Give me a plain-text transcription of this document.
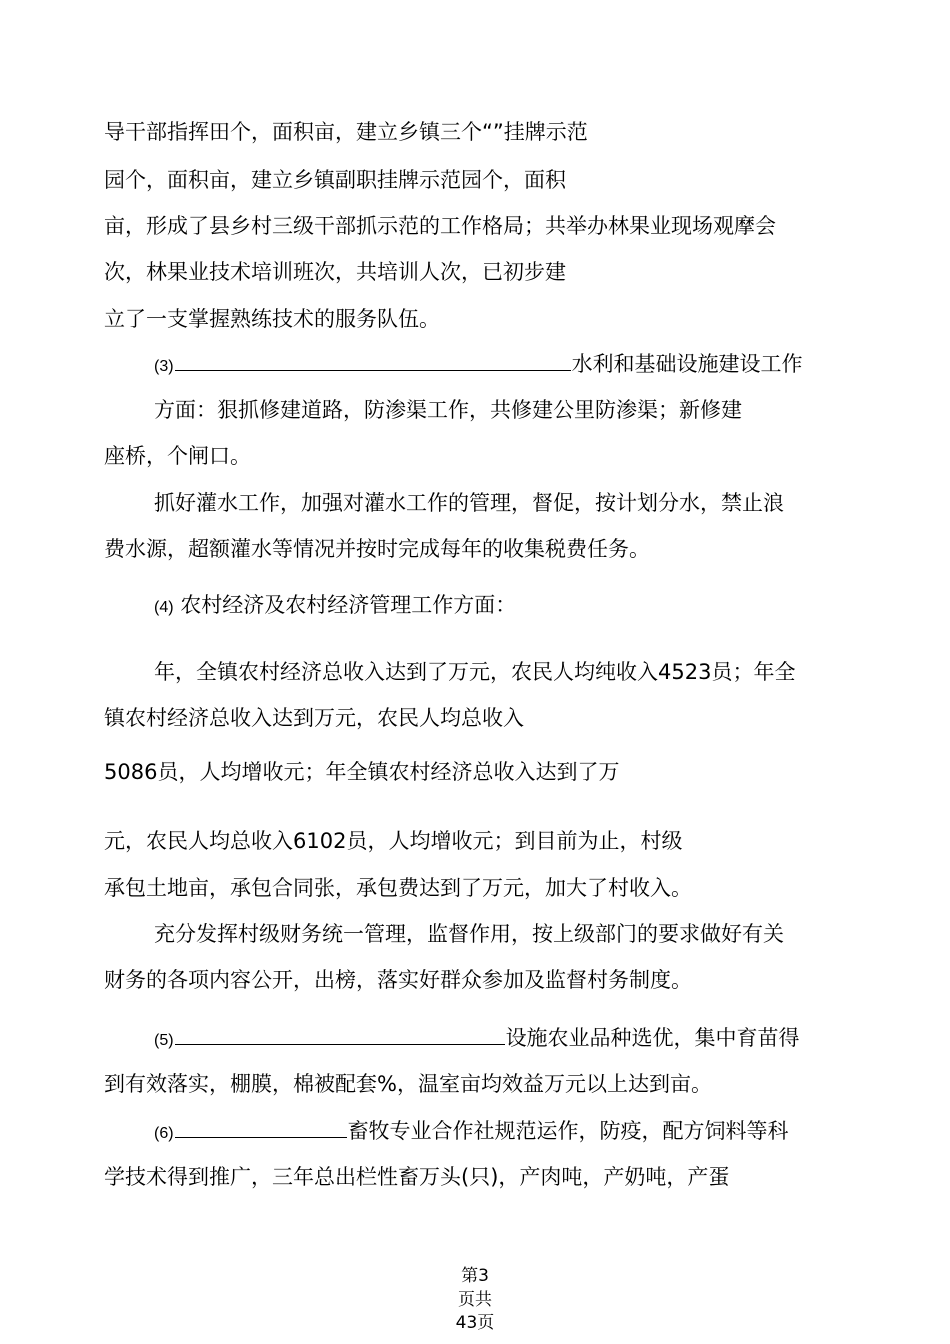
导干部指挥田个，面积亩，建立乡镇三个“”挂牌示范
园个，面积亩，建立乡镇副职挂牌示范园个，面积
亩，形成了县乡村三级干部抓示范的工作格局；共举办林果业现场观摩会
次，林果业技术培训班次，共培训人次，已初步建
立了一支掌握熟练技术的服务队伍。
(3)	水利和基础设施建设工作
方面：狠抓修建道路，防渗渠工作，共修建公里防渗渠；新修建
座桥，个闸口。
抓好灌水工作，加强对灌水工作的管理，督促，按计划分水，禁止浪
费水源，超额灌水等情况并按时完成每年的收集税费任务。
(4) 农村经济及农村经济管理工作方面：
年，全镇农村经济总收入达到了万元，农民人均纯收入4523员；年全
镇农村经济总收入达到万元，农民人均总收入
5086员，人均增收元；年全镇农村经济总收入达到了万
元，农民人均总收入6102员，人均增收元；到目前为止，村级
承包土地亩，承包合同张，承包费达到了万元，加大了村收入。
充分发挥村级财务统一管理，监督作用，按上级部门的要求做好有关
财务的各项内容公开，出榜，落实好群众参加及监督村务制度。
(5)	设施农业品种选优，集中育苗得
到有效落实，棚膜，棉被配套%，温室亩均效益万元以上达到亩。
(6)	畜牧专业合作社规范运作，防疫，配方饲料等科
学技术得到推广，三年总出栏性畜万头(只)，产肉吨，产奶吨，产蛋
第3
页共
43页
